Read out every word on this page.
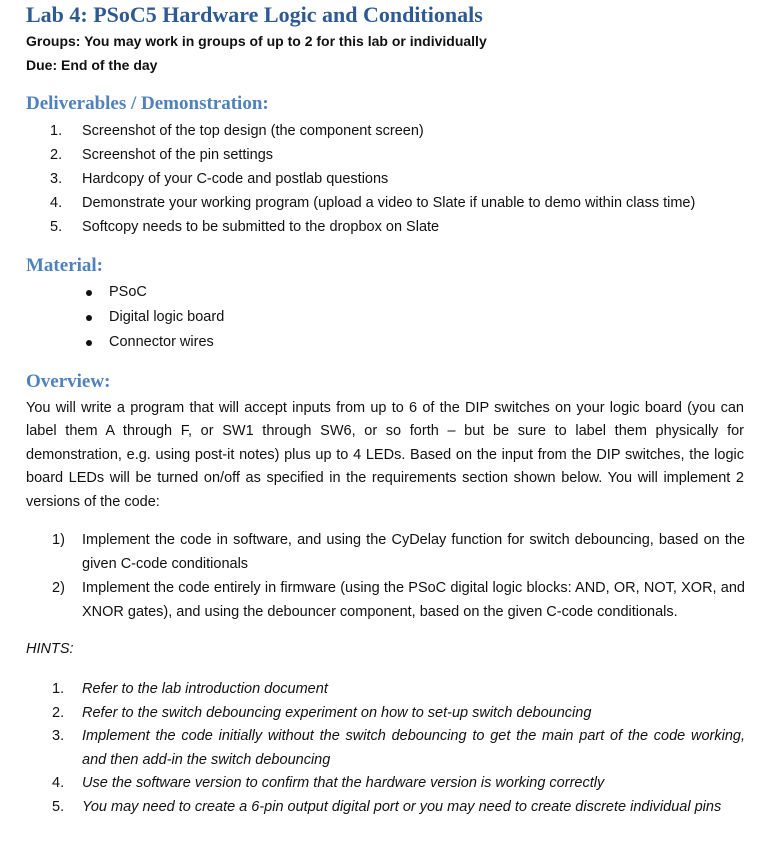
Lab 4: PSoC5 Hardware Logic and Conditionals
Groups: You may work in groups of up to 2 for this lab or individually
Due: End of the day
Deliverables / Demonstration:
1. Screenshot of the top design (the component screen)
2. Screenshot of the pin settings
3. Hardcopy of your C-code and postlab questions
4. Demonstrate your working program (upload a video to Slate if unable to demo within class time)
5. Softcopy needs to be submitted to the dropbox on Slate
Material:
PSoC
Digital logic board
Connector wires
Overview:
You will write a program that will accept inputs from up to 6 of the DIP switches on your logic board (you can label them A through F, or SW1 through SW6, or so forth – but be sure to label them physically for demonstration, e.g. using post-it notes) plus up to 4 LEDs. Based on the input from the DIP switches, the logic board LEDs will be turned on/off as specified in the requirements section shown below. You will implement 2 versions of the code:
1) Implement the code in software, and using the CyDelay function for switch debouncing, based on the given C-code conditionals
2) Implement the code entirely in firmware (using the PSoC digital logic blocks: AND, OR, NOT, XOR, and XNOR gates), and using the debouncer component, based on the given C-code conditionals.
HINTS:
1. Refer to the lab introduction document
2. Refer to the switch debouncing experiment on how to set-up switch debouncing
3. Implement the code initially without the switch debouncing to get the main part of the code working, and then add-in the switch debouncing
4. Use the software version to confirm that the hardware version is working correctly
5. You may need to create a 6-pin output digital port or you may need to create discrete individual pins
